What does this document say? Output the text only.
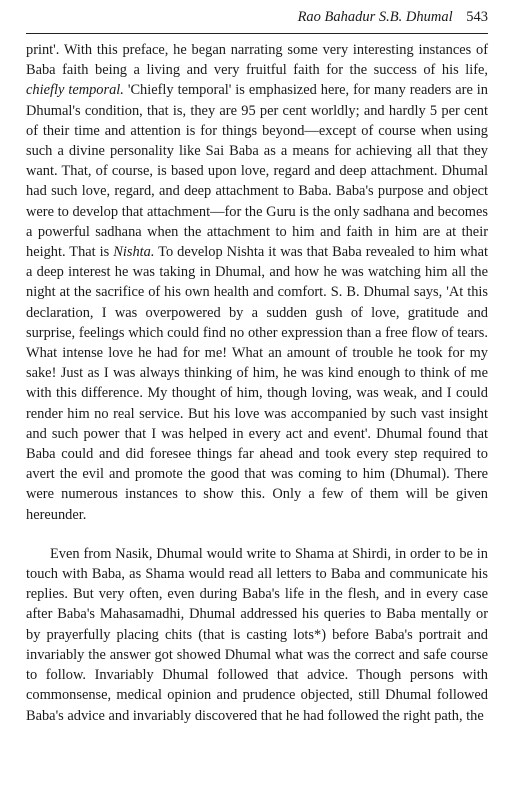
Rao Bahadur S.B. Dhumal 543

print'. With this preface, he began narrating some very interesting instances of Baba faith being a living and very fruitful faith for the success of his life, chiefly temporal. 'Chiefly temporal' is emphasized here, for many readers are in Dhumal's condition, that is, they are 95 per cent worldly; and hardly 5 per cent of their time and attention is for things beyond—except of course when using such a divine personality like Sai Baba as a means for achieving all that they want. That, of course, is based upon love, regard and deep attachment. Dhumal had such love, regard, and deep attachment to Baba. Baba's purpose and object were to develop that attachment—for the Guru is the only sadhana and becomes a powerful sadhana when the attachment to him and faith in him are at their height. That is Nishta. To develop Nishta it was that Baba revealed to him what a deep interest he was taking in Dhumal, and how he was watching him all the night at the sacrifice of his own health and comfort. S. B. Dhumal says, 'At this declaration, I was overpowered by a sudden gush of love, gratitude and surprise, feelings which could find no other expression than a free flow of tears. What intense love he had for me! What an amount of trouble he took for my sake! Just as I was always thinking of him, he was kind enough to think of me with this difference. My thought of him, though loving, was weak, and I could render him no real service. But his love was accompanied by such vast insight and such power that I was helped in every act and event'. Dhumal found that Baba could and did foresee things far ahead and took every step required to avert the evil and promote the good that was coming to him (Dhumal). There were numerous instances to show this. Only a few of them will be given hereunder.

Even from Nasik, Dhumal would write to Shama at Shirdi, in order to be in touch with Baba, as Shama would read all letters to Baba and communicate his replies. But very often, even during Baba's life in the flesh, and in every case after Baba's Mahasamadhi, Dhumal addressed his queries to Baba mentally or by prayerfully placing chits (that is casting lots*) before Baba's portrait and invariably the answer got showed Dhumal what was the correct and safe course to follow. Invariably Dhumal followed that advice. Though persons with commonsense, medical opinion and prudence objected, still Dhumal followed Baba's advice and invariably discovered that he had followed the right path, the
